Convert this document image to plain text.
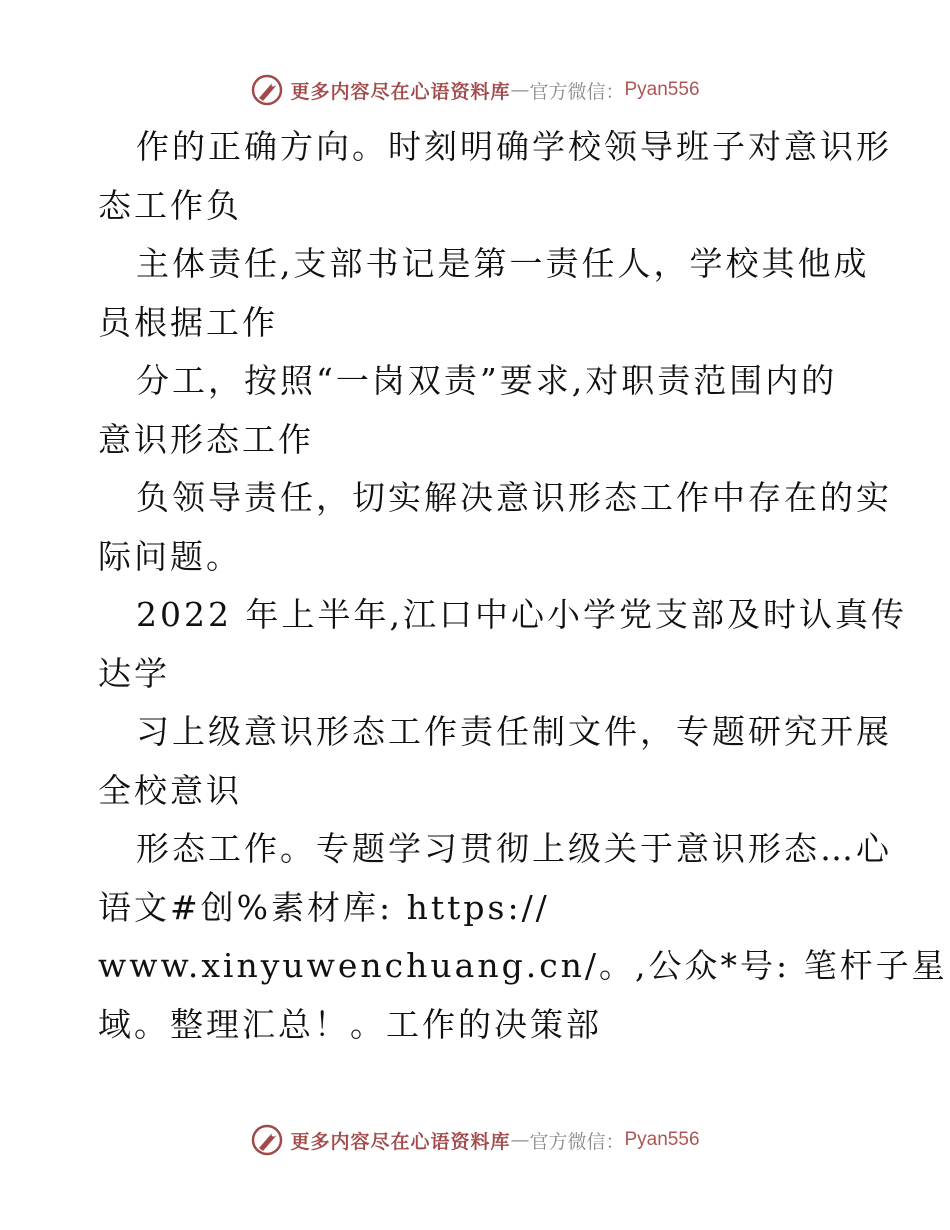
更多内容尽在心语资料库 — 官方微信： Pyan556
作的正确方向。时刻明确学校领导班子对意识形
态工作负
主体责任,支部书记是第一责任人，学校其他成
员根据工作
分工，按照“一岗双责”要求,对职责范围内的
意识形态工作
负领导责任，切实解决意识形态工作中存在的实
际问题。
2022 年上半年,江口中心小学党支部及时认真传
达学
习上级意识形态工作责任制文件，专题研究开展
全校意识
形态工作。专题学习贯彻上级关于意识形态…心
语文#创%素材库: https://
www.xinyuwenchuang.cn/。,公众*号: 笔杆子星
域。整理汇总！。工作的决策部
更多内容尽在心语资料库 — 官方微信： Pyan556
